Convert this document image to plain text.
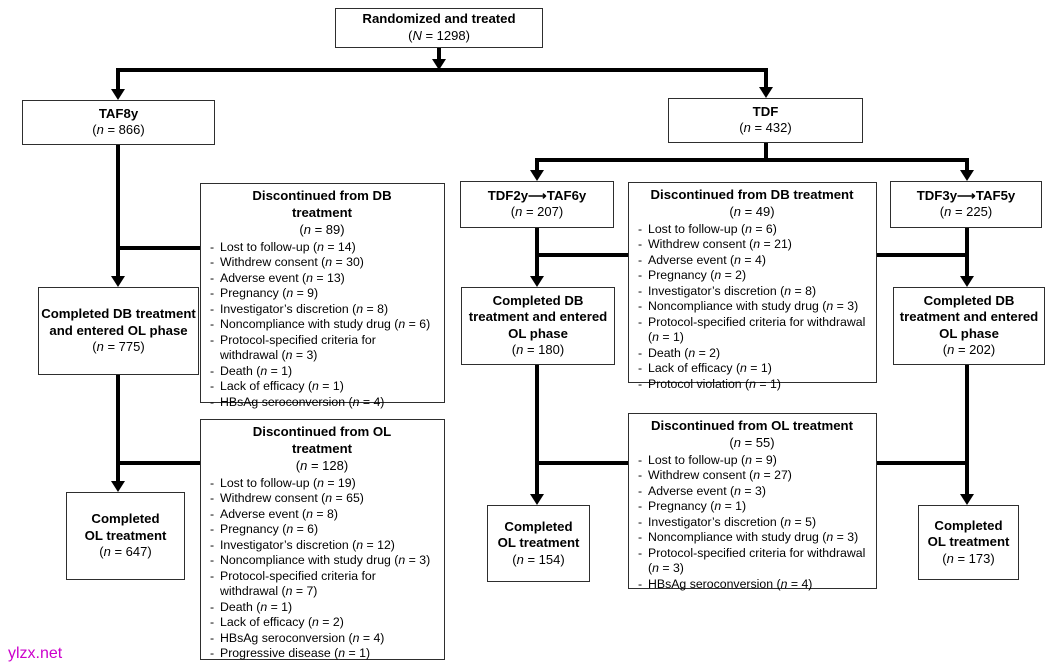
Randomized and treated
(N = 1298)
TAF8y
(n = 866)
TDF
(n = 432)
Discontinued from DB treatment
(n = 89)
- Lost to follow-up (n = 14)
- Withdrew consent (n = 30)
- Adverse event (n = 13)
- Pregnancy (n = 9)
- Investigator’s discretion (n = 8)
- Noncompliance with study drug (n = 6)
- Protocol-specified criteria for withdrawal (n = 3)
- Death (n = 1)
- Lack of efficacy (n = 1)
- HBsAg seroconversion (n = 4)
Completed DB treatment and entered OL phase
(n = 775)
Discontinued from OL treatment
(n = 128)
- Lost to follow-up (n = 19)
- Withdrew consent (n = 65)
- Adverse event (n = 8)
- Pregnancy (n = 6)
- Investigator’s discretion (n = 12)
- Noncompliance with study drug (n = 3)
- Protocol-specified criteria for withdrawal (n = 7)
- Death (n = 1)
- Lack of efficacy (n = 2)
- HBsAg seroconversion (n = 4)
- Progressive disease (n = 1)
Completed OL treatment
(n = 647)
TDF2y⟶TAF6y
(n = 207)
Discontinued from DB treatment
(n = 49)
- Lost to follow-up (n = 6)
- Withdrew consent (n = 21)
- Adverse event (n = 4)
- Pregnancy (n = 2)
- Investigator’s discretion (n = 8)
- Noncompliance with study drug (n = 3)
- Protocol-specified criteria for withdrawal (n = 1)
- Death (n = 2)
- Lack of efficacy (n = 1)
- Protocol violation (n = 1)
TDF3y⟶TAF5y
(n = 225)
Completed DB treatment and entered OL phase
(n = 180)
Completed DB treatment and entered OL phase
(n = 202)
Discontinued from OL treatment
(n = 55)
- Lost to follow-up (n = 9)
- Withdrew consent (n = 27)
- Adverse event (n = 3)
- Pregnancy (n = 1)
- Investigator’s discretion (n = 5)
- Noncompliance with study drug (n = 3)
- Protocol-specified criteria for withdrawal (n = 3)
- HBsAg seroconversion (n = 4)
Completed OL treatment
(n = 154)
Completed OL treatment
(n = 173)
ylzx.net
